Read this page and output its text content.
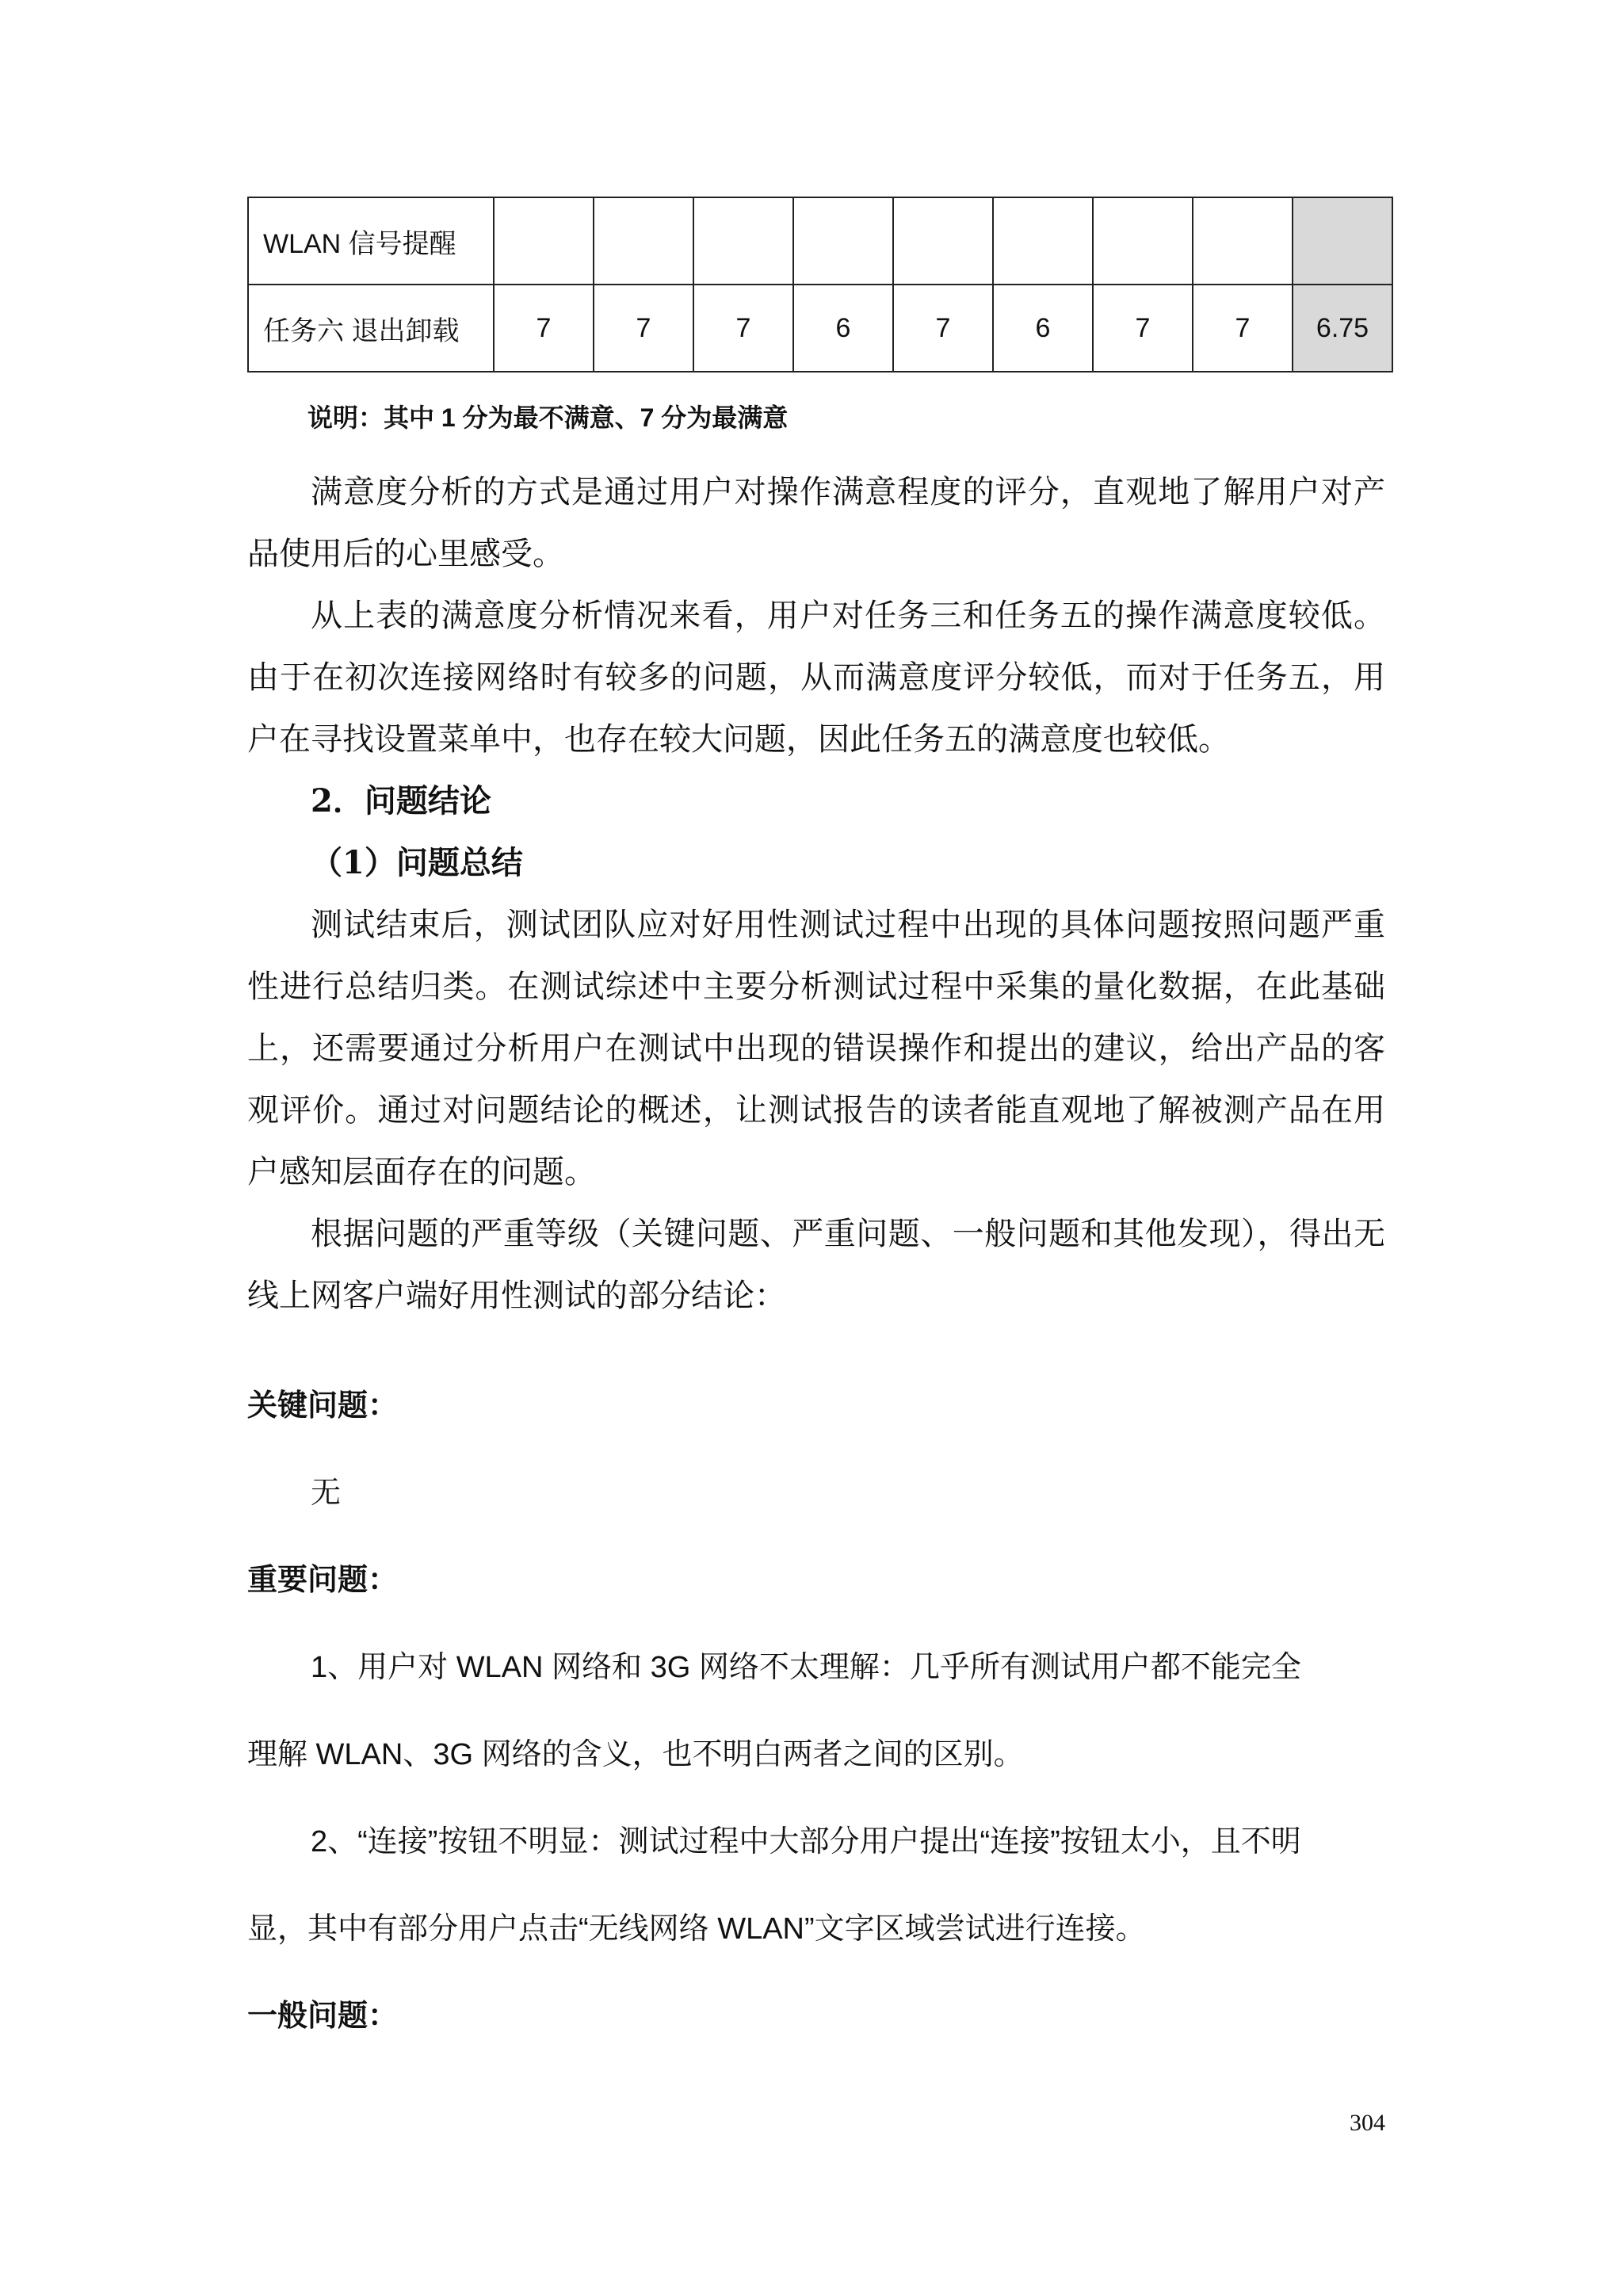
WLAN 信号提醒									
任务六 退出卸载	7	7	7	6	7	6	7	7	6.75
说明：其中 1 分为最不满意、7 分为最满意

满意度分析的方式是通过用户对操作满意程度的评分，直观地了解用户对产品使用后的心里感受。

从上表的满意度分析情况来看，用户对任务三和任务五的操作满意度较低。由于在初次连接网络时有较多的问题，从而满意度评分较低，而对于任务五，用户在寻找设置菜单中，也存在较大问题，因此任务五的满意度也较低。

2．问题结论
（1）问题总结

测试结束后，测试团队应对好用性测试过程中出现的具体问题按照问题严重性进行总结归类。在测试综述中主要分析测试过程中采集的量化数据，在此基础上，还需要通过分析用户在测试中出现的错误操作和提出的建议，给出产品的客观评价。通过对问题结论的概述，让测试报告的读者能直观地了解被测产品在用户感知层面存在的问题。

根据问题的严重等级（关键问题、严重问题、一般问题和其他发现），得出无线上网客户端好用性测试的部分结论：

关键问题：
无
重要问题：
1、用户对 WLAN 网络和 3G 网络不太理解：几乎所有测试用户都不能完全
理解 WLAN、3G 网络的含义，也不明白两者之间的区别。
2、“连接”按钮不明显：测试过程中大部分用户提出“连接”按钮太小，且不明
显，其中有部分用户点击“无线网络 WLAN”文字区域尝试进行连接。
一般问题：
304
